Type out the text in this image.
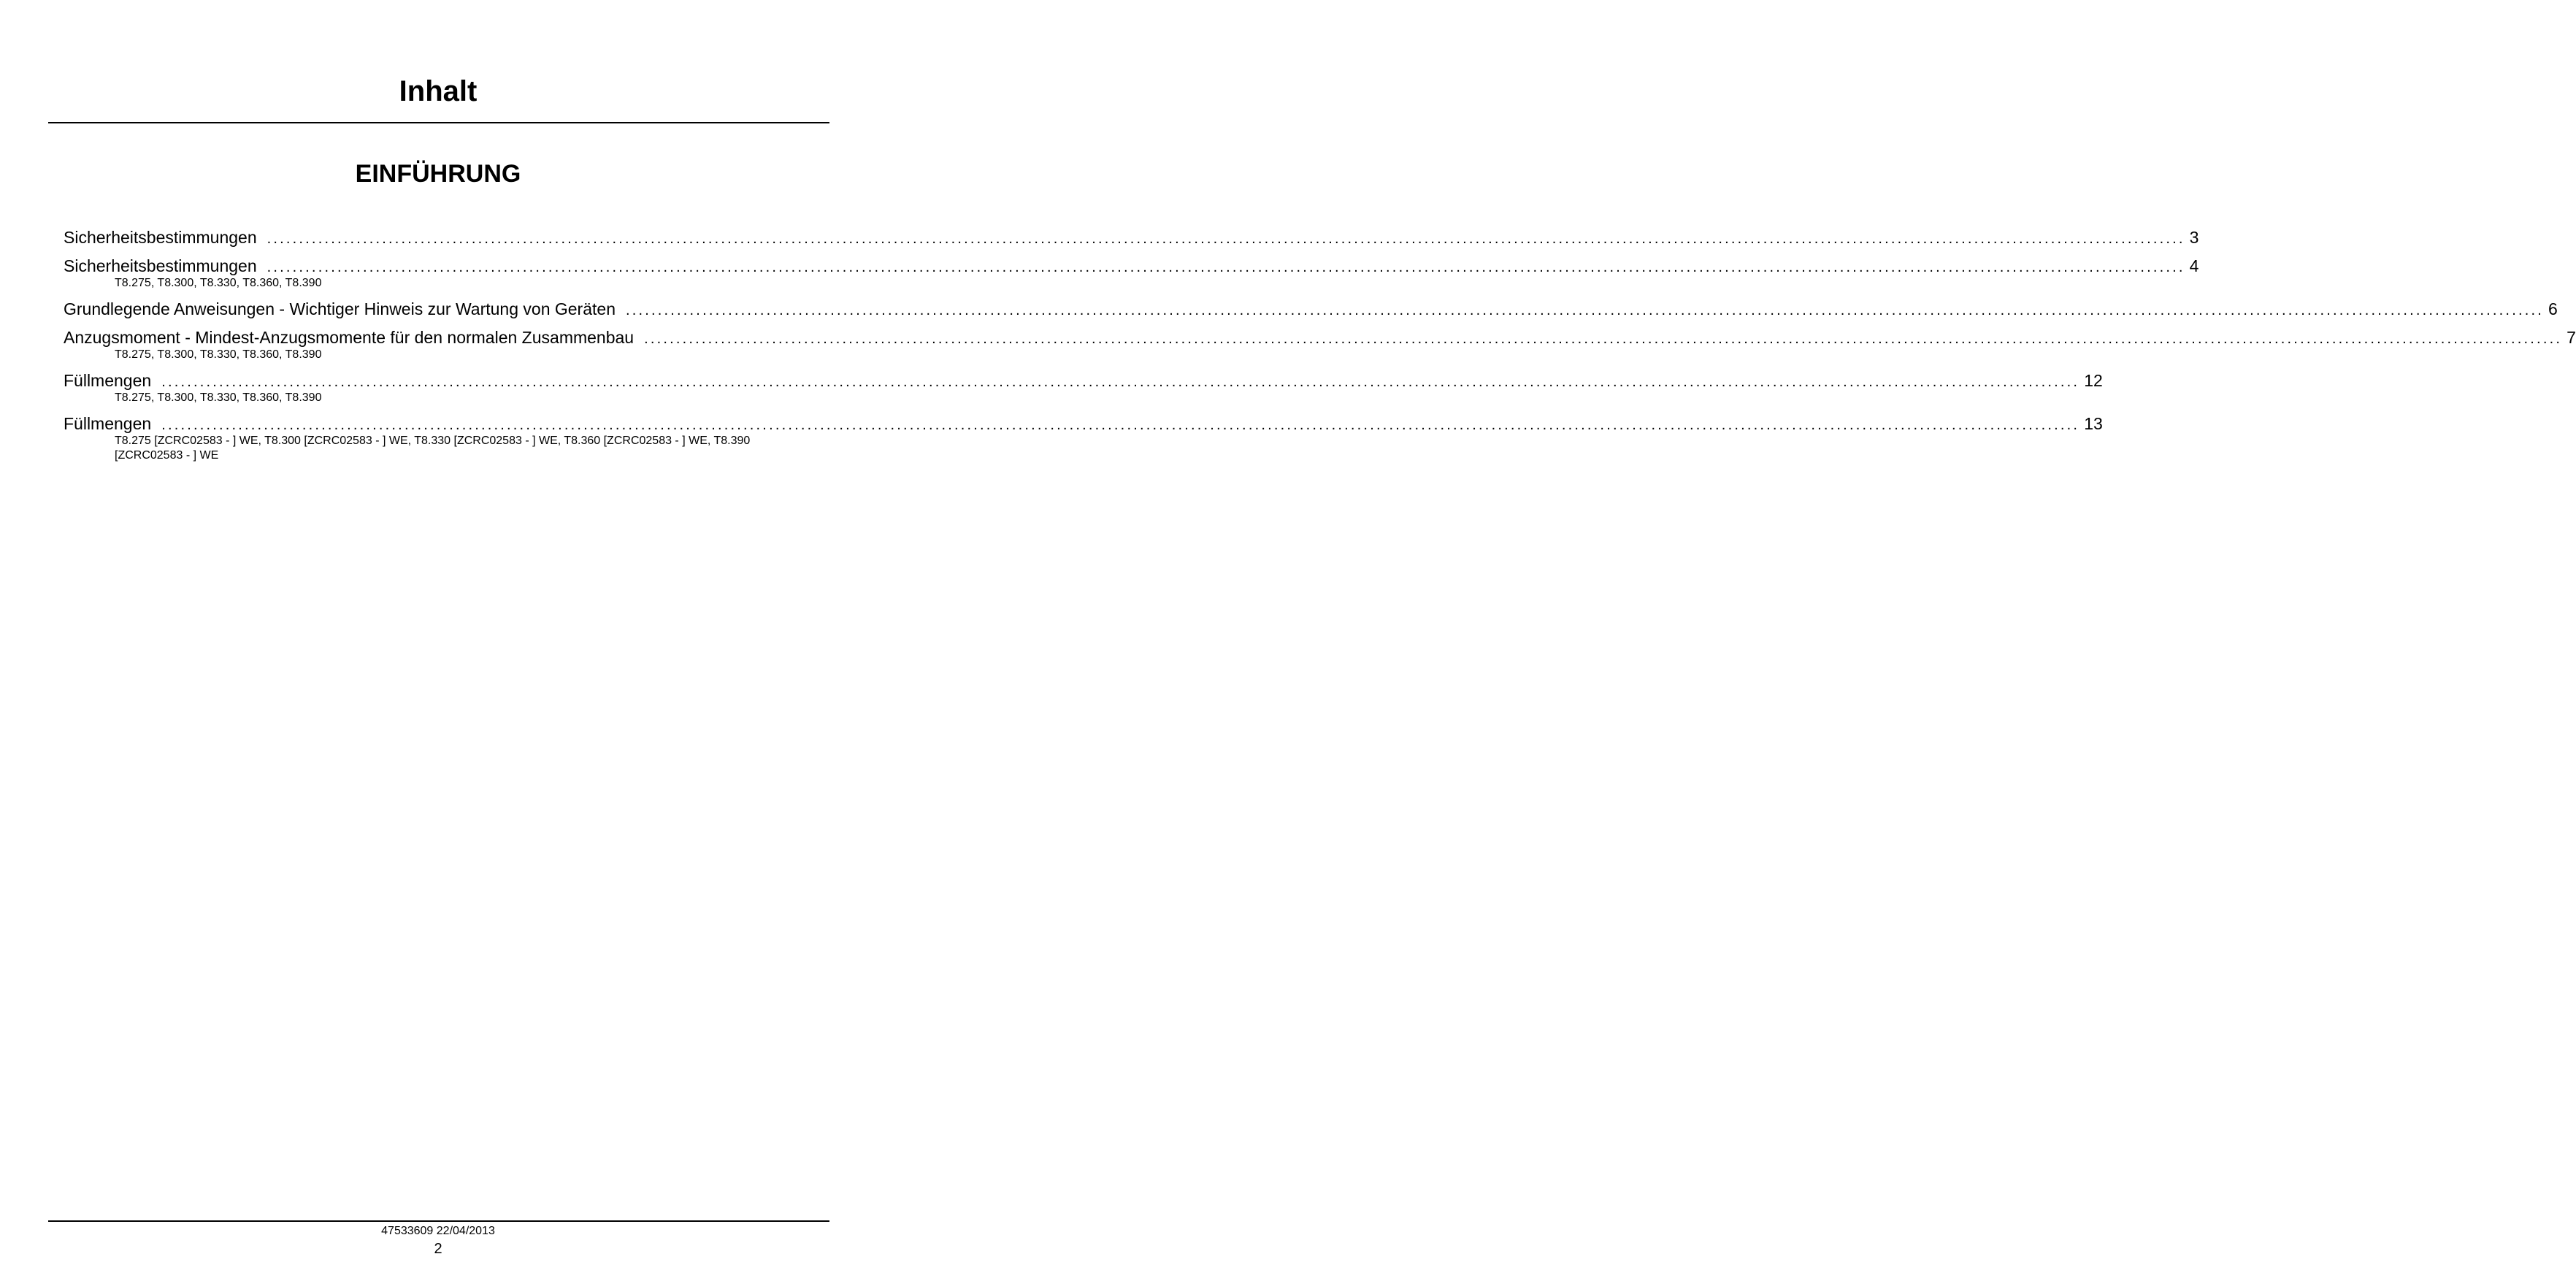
Inhalt
EINFÜHRUNG
Sicherheitsbestimmungen ............................................................................................................................................................................................................................................................................................................ 3
Sicherheitsbestimmungen ............................................................................................................................................................................................................................................................................................................ 4
T8.275, T8.300, T8.330, T8.360, T8.390
Grundlegende Anweisungen - Wichtiger Hinweis zur Wartung von Geräten ............................................................................................................................................................................................................................................................................................................ 6
Anzugsmoment - Mindest-Anzugsmomente für den normalen Zusammenbau ............................................................................................................................................................................................................................................................................................................ 7
T8.275, T8.300, T8.330, T8.360, T8.390
Füllmengen ............................................................................................................................................................................................................................................................................................................ 12
T8.275, T8.300, T8.330, T8.360, T8.390
Füllmengen ............................................................................................................................................................................................................................................................................................................ 13
T8.275 [ZCRC02583 - ] WE, T8.300 [ZCRC02583 - ] WE, T8.330 [ZCRC02583 - ] WE, T8.360 [ZCRC02583 - ] WE, T8.390 [ZCRC02583 - ] WE
47533609 22/04/2013
2
